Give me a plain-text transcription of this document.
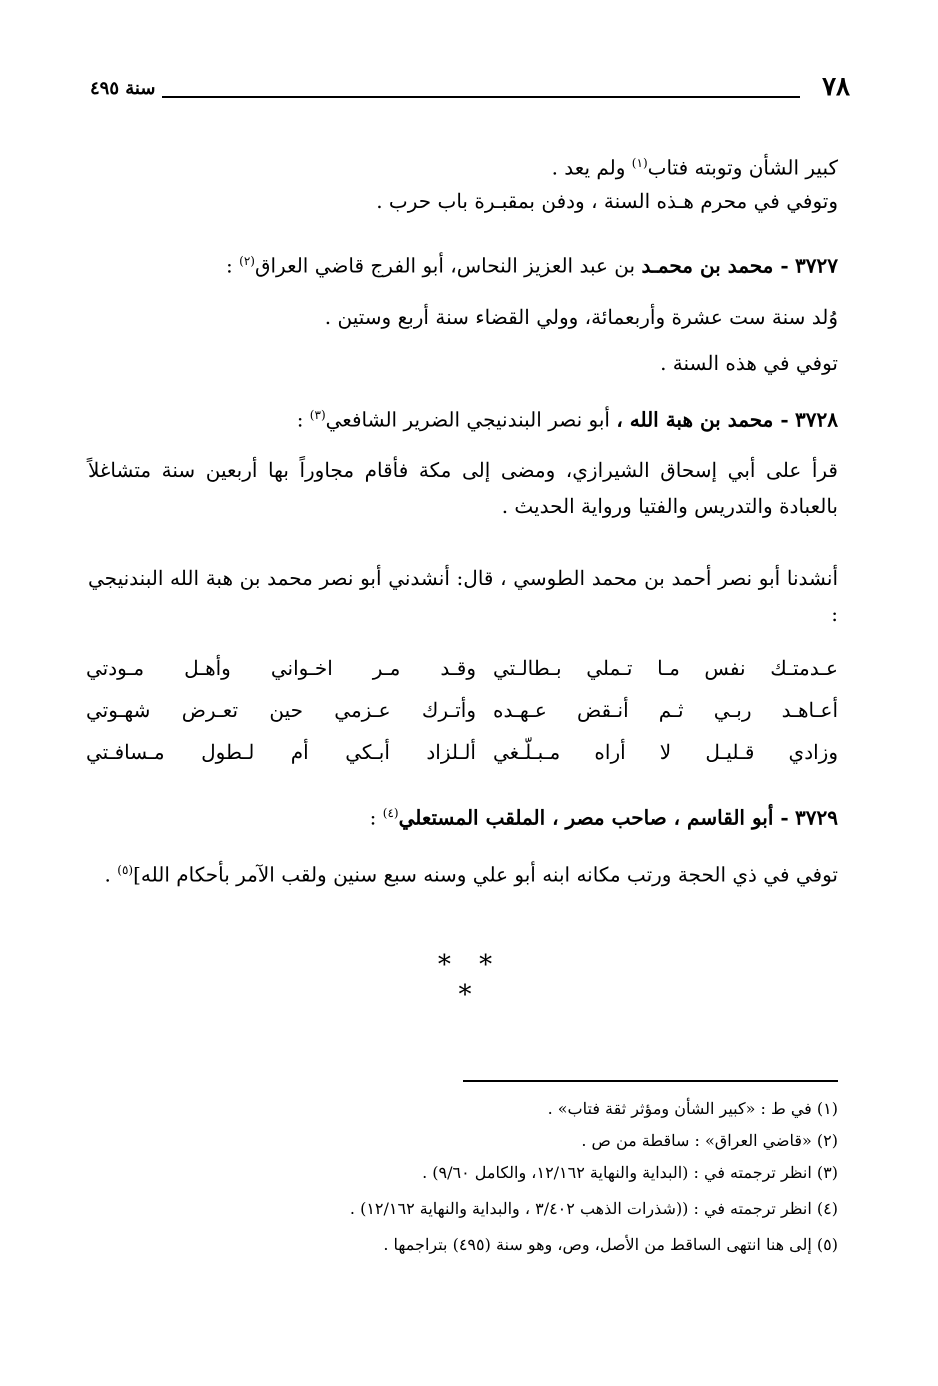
٧٨
سنة ٤٩٥
كبير الشأن وتوبته فتاب$^{(١)}$ ولم يعد .
وتوفي في محرم هـذه السنة ، ودفن بمقبـرة باب حرب .
٣٧٢٧ - محمد بن محمـد بن عبد العزيز النحاس، أبو الفرج قاضي العراق$^{(٢)}$ :
وُلد سنة ست عشرة وأربعمائة، وولي القضاء سنة أربع وستين .
توفي في هذه السنة .
٣٧٢٨ - محمد بن هبة الله ، أبو نصر البندنيجي الضرير الشافعي$^{(٣)}$ :
قرأ على أبي إسحاق الشيرازي، ومضى إلى مكة فأقام مجاوراً بها أربعين سنة متشاغلاً بالعبادة والتدريس والفتيا ورواية الحديث .
أنشدنا أبو نصر أحمد بن محمد الطوسي ، قال: أنشدني أبو نصر محمد بن هبة الله البندنيجي :
عـدمتـك نفس مـا تـملي بـطالـتي
وقـد مـر اخـواني وأهـل مـودتي
أعـاهـد ربـي ثـم أنـقض عـهـده
وأتـرك عـزمي حين تعـرض شهـوتي
وزادي قـليـل لا أراه مـبـلّـغي
ألـلزاد أبـكي أم لـطول مـسافـتي
٣٧٢٩ - أبو القاسم ، صاحب مصر ، الملقب المستعلي$^{(٤)}$ :
توفي في ذي الحجة ورتب مكانه ابنه أبو علي وسنه سبع سنين ولقب الآمر بأحكام الله]$^{(٥)}$ .
* * *
(١) في ط : «كبير الشأن ومؤثر ثقة فتاب» .
(٢) «قاضي العراق» : ساقطة من ص .
(٣) انظر ترجمته في : (البداية والنهاية ١٢/١٦٢، والكامل ٩/٦٠) .
(٤) انظر ترجمته في : ((شذرات الذهب ٣/٤٠٢ ، والبداية والنهاية ١٢/١٦٢) .
(٥) إلى هنا انتهى الساقط من الأصل، وص، وهو سنة (٤٩٥) بتراجمها .
